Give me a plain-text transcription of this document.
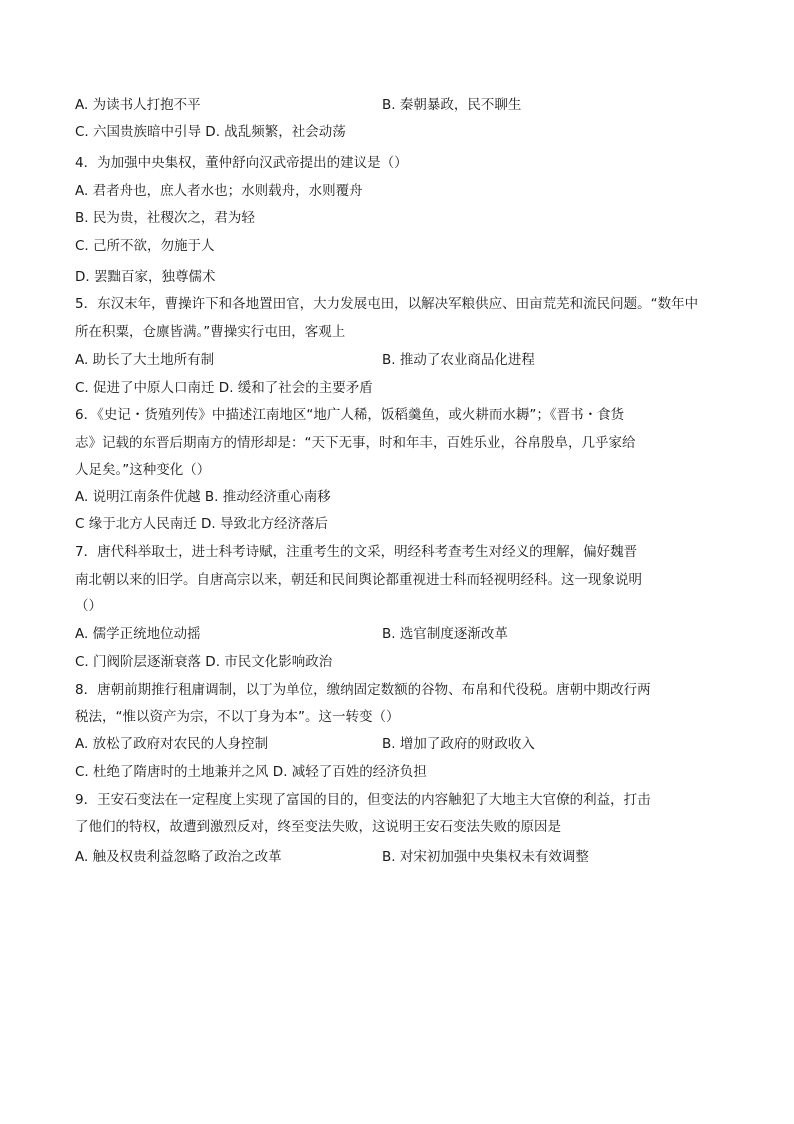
A. 为读书人打抱不平	B. 秦朝暴政，民不聊生
C. 六国贵族暗中引导 D. 战乱频繁，社会动荡
4．为加强中央集权，董仲舒向汉武帝提出的建议是（）
A. 君者舟也，庶人者水也；水则载舟，水则覆舟
B. 民为贵，社稷次之，君为轻
C. 己所不欲，勿施于人
D. 罢黜百家，独尊儒术
5．东汉末年，曹操许下和各地置田官，大力发展屯田，以解决军粮供应、田亩荒芜和流民问题。“数年中
所在积粟，仓廪皆满。”曹操实行屯田，客观上
A. 助长了大土地所有制	B. 推动了农业商品化进程
C. 促进了中原人口南迁 D. 缓和了社会的主要矛盾
6．《史记・货殖列传》中描述江南地区“地广人稀，饭稻羹鱼，或火耕而水耨”；《晋书・食货
志》记载的东晋后期南方的情形却是：“天下无事，时和年丰，百姓乐业，谷帛殷阜，几乎家给
人足矣。”这种变化（）
A. 说明江南条件优越 B. 推动经济重心南移
C 缘于北方人民南迁 D. 导致北方经济落后
7．唐代科举取士，进士科考诗赋，注重考生的文采，明经科考查考生对经义的理解，偏好魏晋
南北朝以来的旧学。自唐高宗以来，朝廷和民间舆论都重视进士科而轻视明经科。这一现象说明
（）
A. 儒学正统地位动摇	B. 选官制度逐渐改革
C. 门阀阶层逐渐衰落 D. 市民文化影响政治
8．唐朝前期推行租庸调制，以丁为单位，缴纳固定数额的谷物、布帛和代役税。唐朝中期改行两
税法，“惟以资产为宗，不以丁身为本”。这一转变（）
A. 放松了政府对农民的人身控制	B. 增加了政府的财政收入
C. 杜绝了隋唐时的土地兼并之风 D. 减轻了百姓的经济负担
9．王安石变法在一定程度上实现了富国的目的，但变法的内容触犯了大地主大官僚的利益，打击
了他们的特权，故遭到激烈反对，终至变法失败，这说明王安石变法失败的原因是
A. 触及权贵利益忽略了政治之改革	B. 对宋初加强中央集权未有效调整
